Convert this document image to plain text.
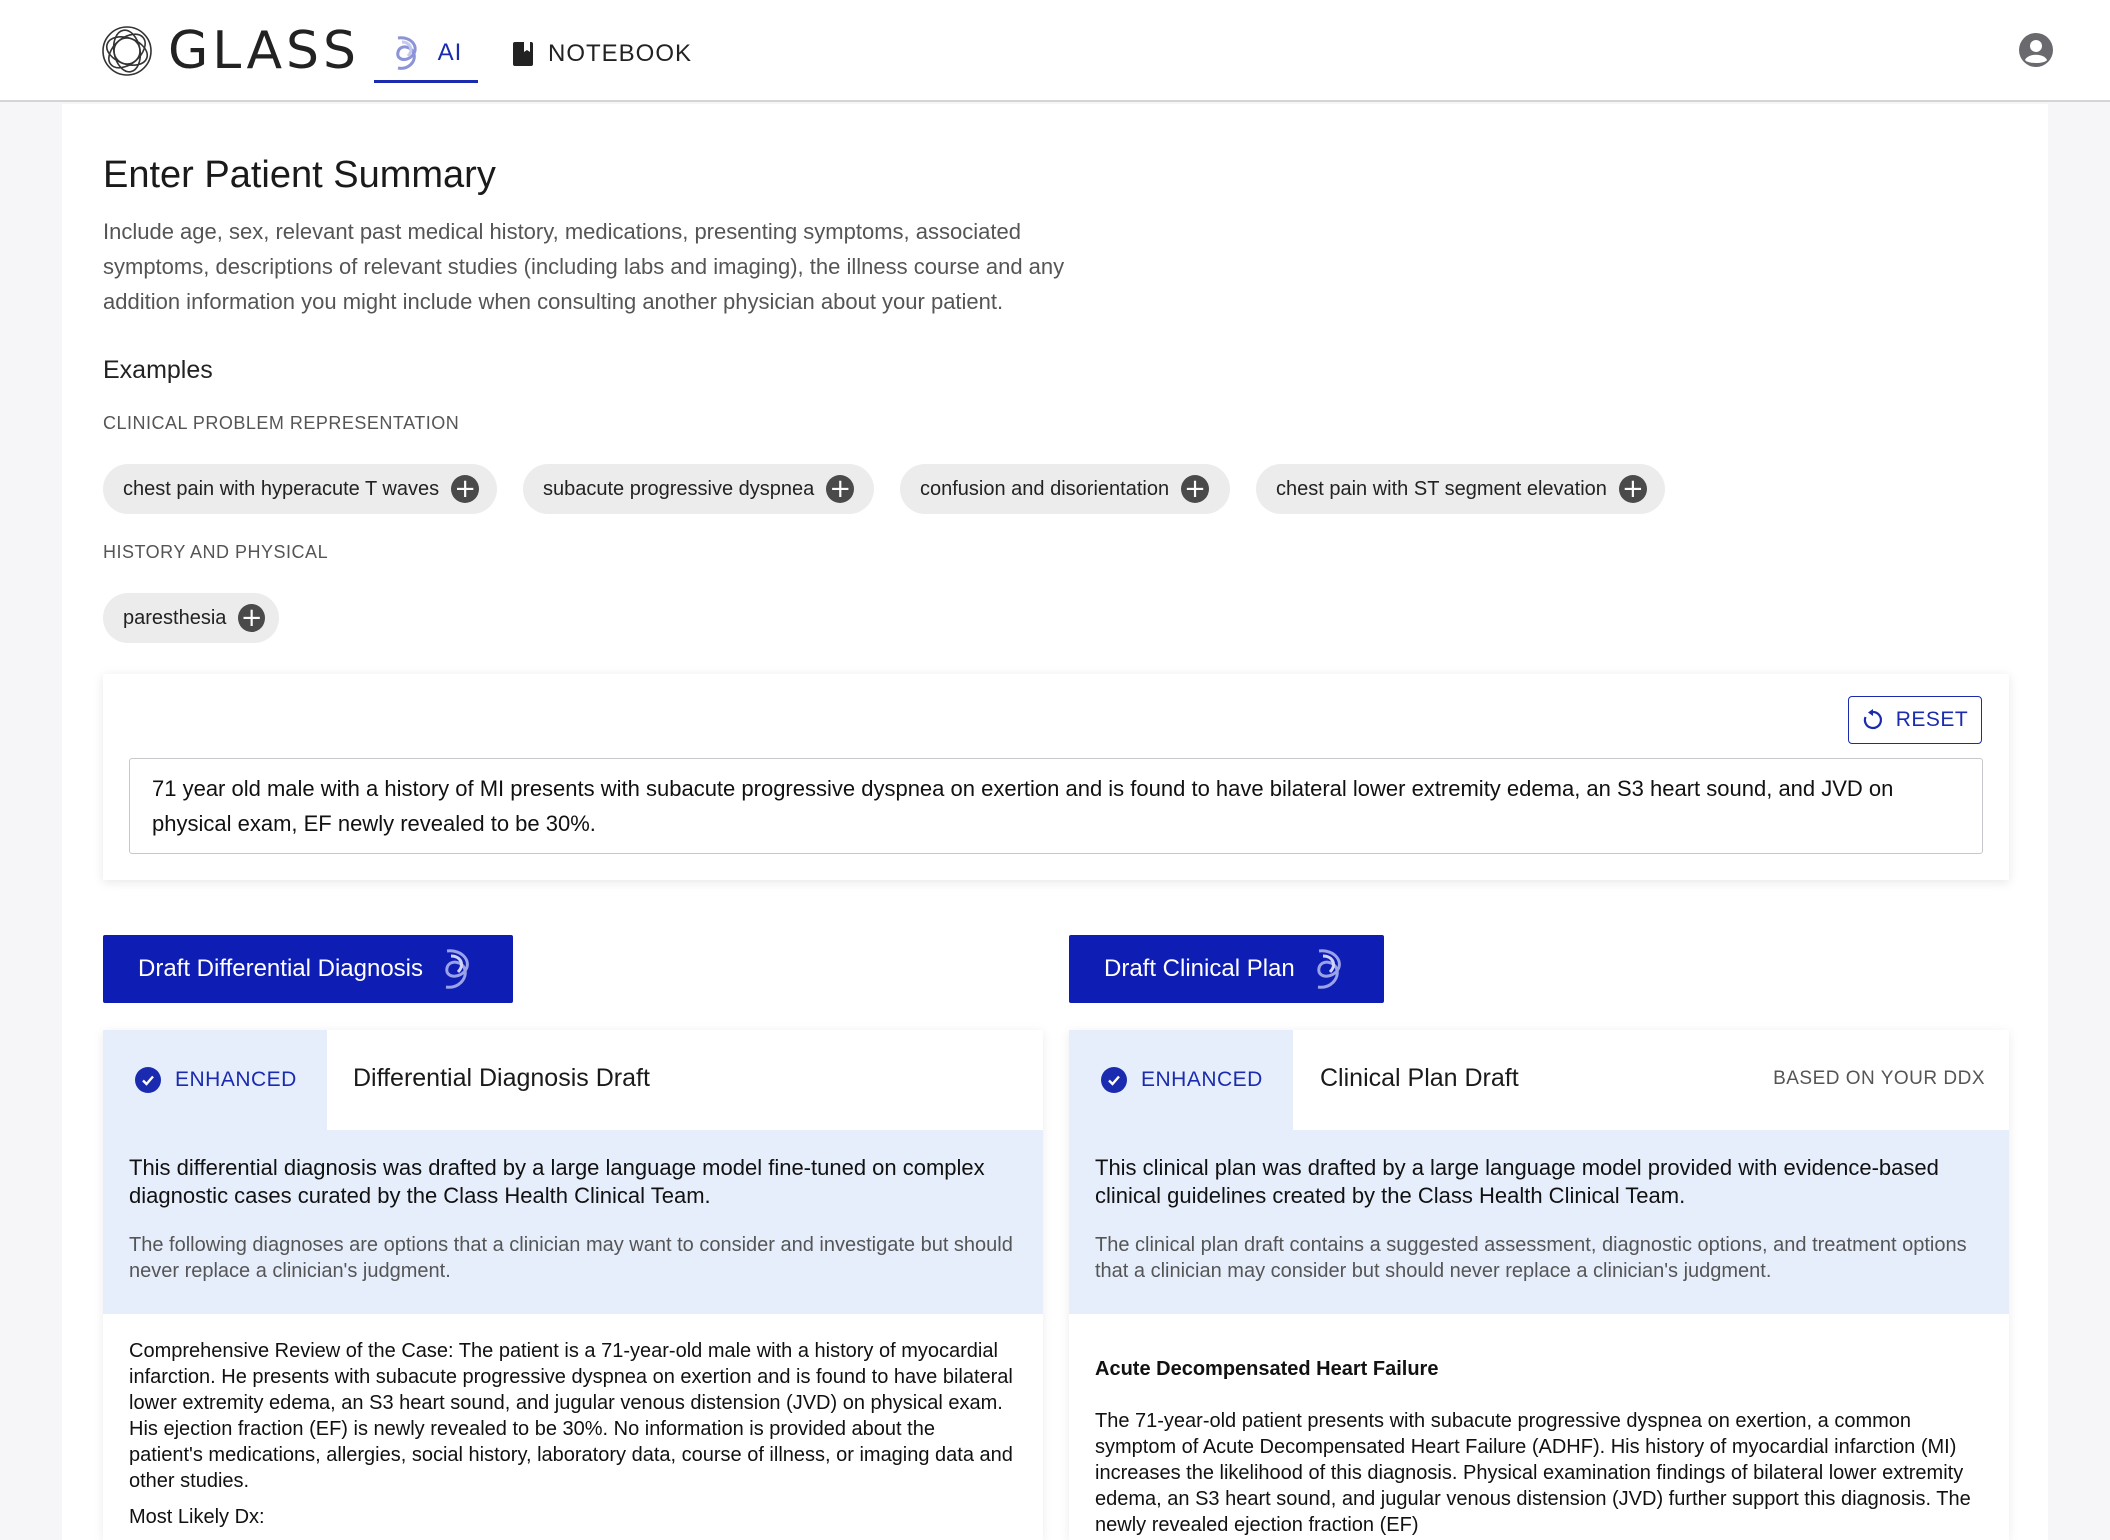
GLASS	AI	NOTEBOOK
Enter Patient Summary
Include age, sex, relevant past medical history, medications, presenting symptoms, associated symptoms, descriptions of relevant studies (including labs and imaging), the illness course and any addition information you might include when consulting another physician about your patient.
Examples
CLINICAL PROBLEM REPRESENTATION
chest pain with hyperacute T waves +	subacute progressive dyspnea +	confusion and disorientation +	chest pain with ST segment elevation +
HISTORY AND PHYSICAL
paresthesia +
RESET
71 year old male with a history of MI presents with subacute progressive dyspnea on exertion and is found to have bilateral lower extremity edema, an S3 heart sound, and JVD on physical exam, EF newly revealed to be 30%.
Draft Differential Diagnosis	Draft Clinical Plan
ENHANCED Differential Diagnosis Draft
This differential diagnosis was drafted by a large language model fine-tuned on complex diagnostic cases curated by the Class Health Clinical Team.
The following diagnoses are options that a clinician may want to consider and investigate but should never replace a clinician's judgment.
Comprehensive Review of the Case: The patient is a 71-year-old male with a history of myocardial infarction. He presents with subacute progressive dyspnea on exertion and is found to have bilateral lower extremity edema, an S3 heart sound, and jugular venous distension (JVD) on physical exam. His ejection fraction (EF) is newly revealed to be 30%. No information is provided about the patient's medications, allergies, social history, laboratory data, course of illness, or imaging data and other studies.
Most Likely Dx:
ENHANCED Clinical Plan Draft	BASED ON YOUR DDX
This clinical plan was drafted by a large language model provided with evidence-based clinical guidelines created by the Class Health Clinical Team.
The clinical plan draft contains a suggested assessment, diagnostic options, and treatment options that a clinician may consider but should never replace a clinician's judgment.
Acute Decompensated Heart Failure
The 71-year-old patient presents with subacute progressive dyspnea on exertion, a common symptom of Acute Decompensated Heart Failure (ADHF). His history of myocardial infarction (MI) increases the likelihood of this diagnosis. Physical examination findings of bilateral lower extremity edema, an S3 heart sound, and jugular venous distension (JVD) further support this diagnosis. The newly revealed ejection fraction (EF)
